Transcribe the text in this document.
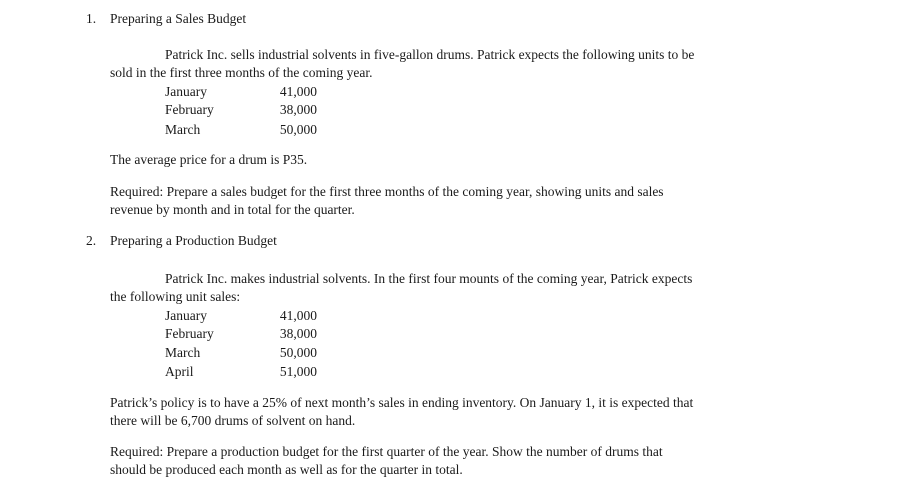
1. Preparing a Sales Budget
Patrick Inc. sells industrial solvents in five-gallon drums. Patrick expects the following units to be
sold in the first three months of the coming year.
January	41,000
February	38,000
March	50,000
The average price for a drum is P35.
Required: Prepare a sales budget for the first three months of the coming year, showing units and sales
revenue by month and in total for the quarter.
2. Preparing a Production Budget
Patrick Inc. makes industrial solvents. In the first four mounts of the coming year, Patrick expects
the following unit sales:
January	41,000
February	38,000
March	50,000
April	51,000
Patrick’s policy is to have a 25% of next month’s sales in ending inventory. On January 1, it is expected that
there will be 6,700 drums of solvent on hand.
Required: Prepare a production budget for the first quarter of the year. Show the number of drums that
should be produced each month as well as for the quarter in total.
